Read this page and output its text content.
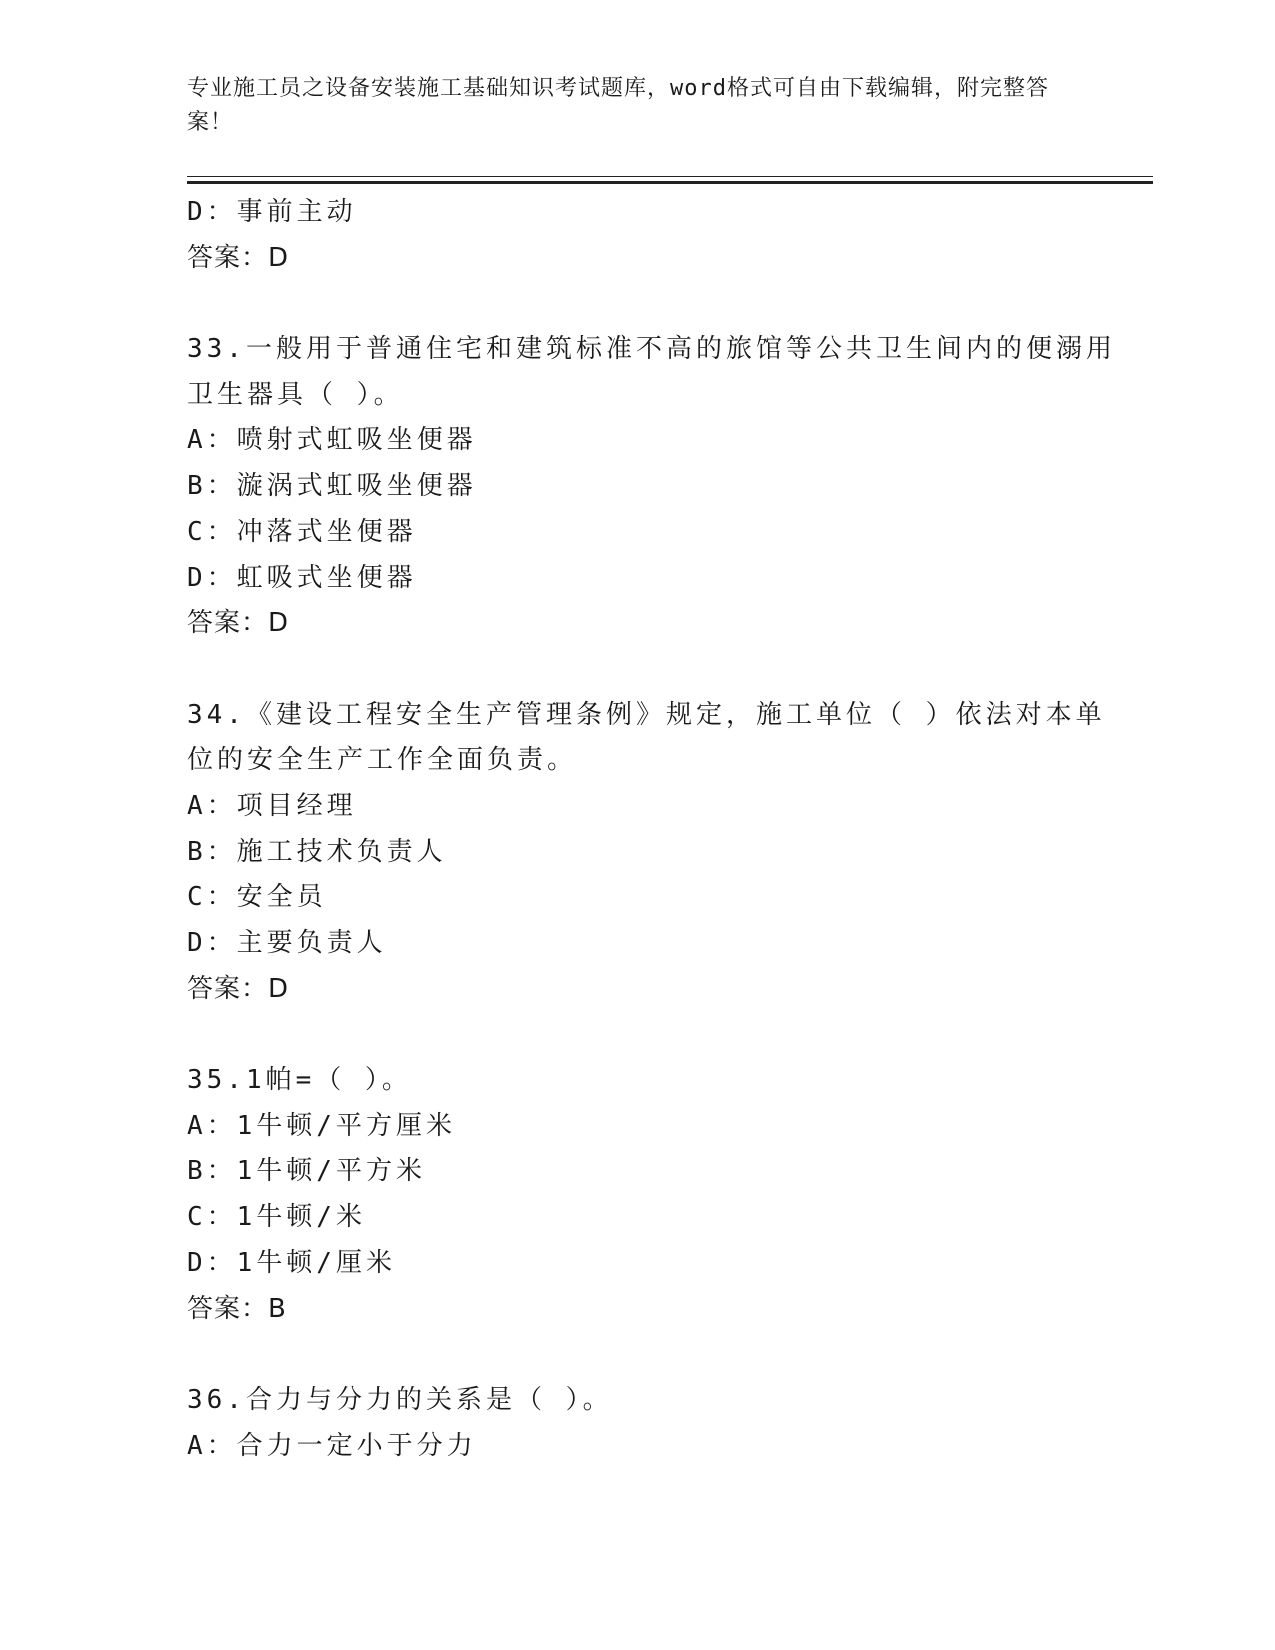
专业施工员之设备安装施工基础知识考试题库，word格式可自由下载编辑，附完整答案！
D：事前主动
答案：D
33.一般用于普通住宅和建筑标准不高的旅馆等公共卫生间内的便溺用
卫生器具（ ）。
A：喷射式虹吸坐便器
B：漩涡式虹吸坐便器
C：冲落式坐便器
D：虹吸式坐便器
答案：D
34.《建设工程安全生产管理条例》规定，施工单位（ ）依法对本单
位的安全生产工作全面负责。
A：项目经理
B：施工技术负责人
C：安全员
D：主要负责人
答案：D
35.1帕=（ ）。
A：1牛顿/平方厘米
B：1牛顿/平方米
C：1牛顿/米
D：1牛顿/厘米
答案：B
36.合力与分力的关系是（ ）。
A：合力一定小于分力
